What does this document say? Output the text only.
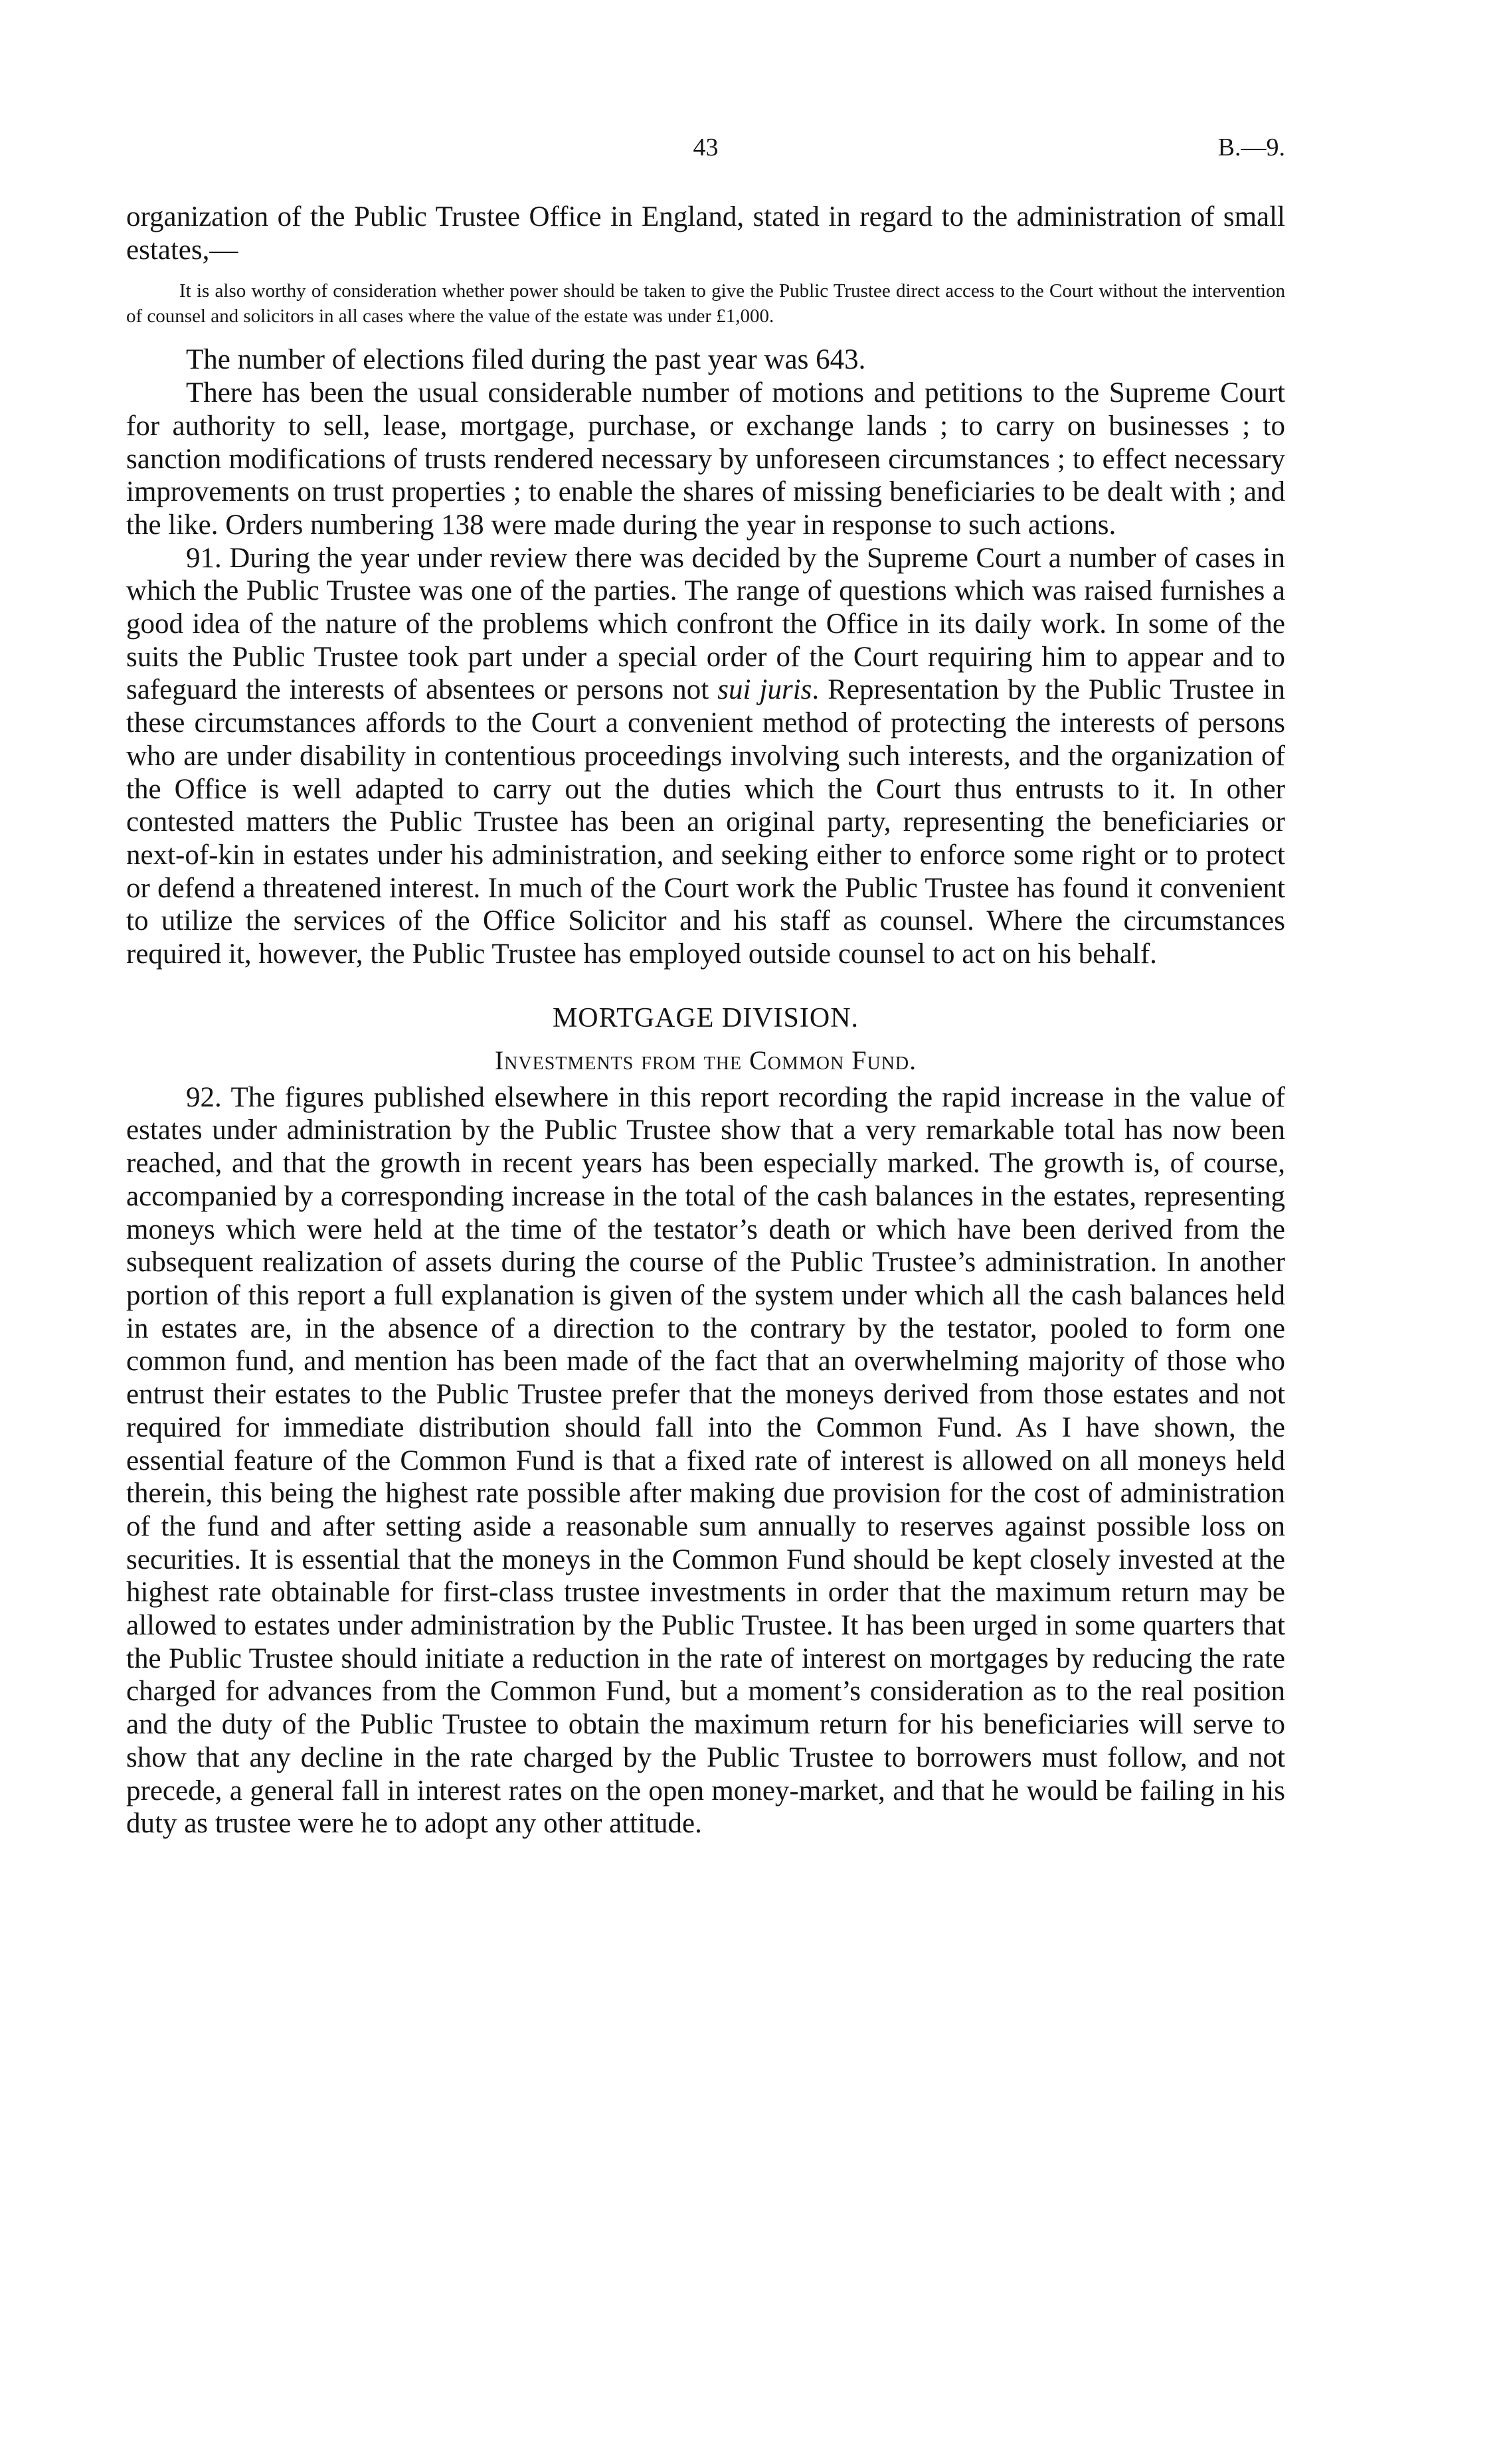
43	B.—9.

organization of the Public Trustee Office in England, stated in regard to the administration of small estates,—

It is also worthy of consideration whether power should be taken to give the Public Trustee direct access to the Court without the intervention of counsel and solicitors in all cases where the value of the estate was under £1,000.

The number of elections filed during the past year was 643.

There has been the usual considerable number of motions and petitions to the Supreme Court for authority to sell, lease, mortgage, purchase, or exchange lands ; to carry on businesses ; to sanction modifications of trusts rendered necessary by unforeseen circumstances ; to effect necessary improvements on trust properties ; to enable the shares of missing beneficiaries to be dealt with ; and the like. Orders numbering 138 were made during the year in response to such actions.

91. During the year under review there was decided by the Supreme Court a number of cases in which the Public Trustee was one of the parties. The range of questions which was raised furnishes a good idea of the nature of the problems which confront the Office in its daily work. In some of the suits the Public Trustee took part under a special order of the Court requiring him to appear and to safeguard the interests of absentees or persons not sui juris. Representation by the Public Trustee in these circumstances affords to the Court a convenient method of protecting the interests of persons who are under disability in contentious proceedings involving such interests, and the organization of the Office is well adapted to carry out the duties which the Court thus entrusts to it. In other contested matters the Public Trustee has been an original party, representing the beneficiaries or next-of-kin in estates under his administration, and seeking either to enforce some right or to protect or defend a threatened interest. In much of the Court work the Public Trustee has found it convenient to utilize the services of the Office Solicitor and his staff as counsel. Where the circumstances required it, however, the Public Trustee has employed outside counsel to act on his behalf.

MORTGAGE DIVISION.
Investments from the Common Fund.

92. The figures published elsewhere in this report recording the rapid increase in the value of estates under administration by the Public Trustee show that a very remarkable total has now been reached, and that the growth in recent years has been especially marked. The growth is, of course, accompanied by a corresponding increase in the total of the cash balances in the estates, representing moneys which were held at the time of the testator’s death or which have been derived from the subsequent realization of assets during the course of the Public Trustee’s administration. In another portion of this report a full explanation is given of the system under which all the cash balances held in estates are, in the absence of a direction to the contrary by the testator, pooled to form one common fund, and mention has been made of the fact that an overwhelming majority of those who entrust their estates to the Public Trustee prefer that the moneys derived from those estates and not required for immediate distribution should fall into the Common Fund. As I have shown, the essential feature of the Common Fund is that a fixed rate of interest is allowed on all moneys held therein, this being the highest rate possible after making due provision for the cost of administration of the fund and after setting aside a reasonable sum annually to reserves against possible loss on securities. It is essential that the moneys in the Common Fund should be kept closely invested at the highest rate obtainable for first-class trustee investments in order that the maximum return may be allowed to estates under administration by the Public Trustee. It has been urged in some quarters that the Public Trustee should initiate a reduction in the rate of interest on mortgages by reducing the rate charged for advances from the Common Fund, but a moment’s consideration as to the real position and the duty of the Public Trustee to obtain the maximum return for his beneficiaries will serve to show that any decline in the rate charged by the Public Trustee to borrowers must follow, and not precede, a general fall in interest rates on the open money-market, and that he would be failing in his duty as trustee were he to adopt any other attitude.
